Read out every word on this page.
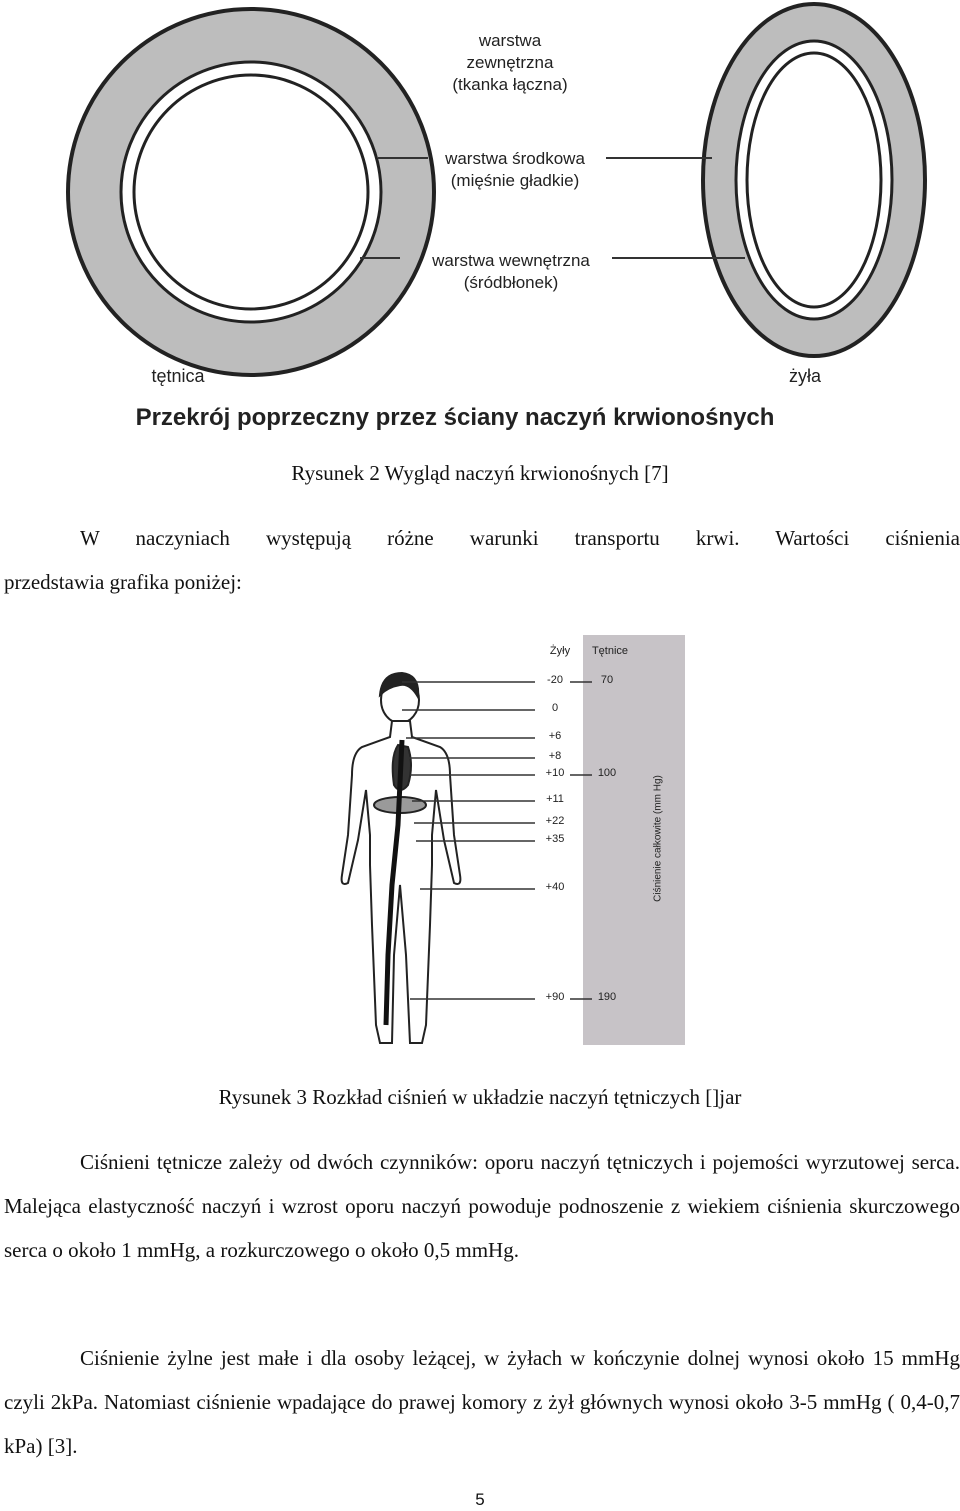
warstwa
zewnętrzna
(tkanka łączna)
warstwa środkowa
(mięśnie gładkie)
warstwa wewnętrzna
(śródbłonek)
tętnica	żyła
Przekrój poprzeczny przez ściany naczyń krwionośnych
Rysunek 2 Wygląd naczyń krwionośnych [7]
W naczyniach występują różne warunki transportu krwi. Wartości ciśnienia
przedstawia grafika poniżej:
Żyły	Tętnice
-20
0
+6
+8
+10
+11
+22
+35
+40
+90
70
100
190
Ciśnienie całkowite (mm Hg)
Rysunek 3 Rozkład ciśnień w układzie naczyń tętniczych []jar

Ciśnieni tętnicze zależy od dwóch czynników: oporu naczyń tętniczych i pojemości wyrzutowej serca. Malejąca elastyczność naczyń i wzrost oporu naczyń powoduje podnoszenie z wiekiem ciśnienia skurczowego serca o około 1 mmHg, a rozkurczowego o około 0,5 mmHg.

Ciśnienie żylne jest małe i dla osoby leżącej, w żyłach w kończynie dolnej wynosi około 15 mmHg czyli 2kPa. Natomiast ciśnienie wpadające do prawej komory z żył głównych wynosi około 3-5 mmHg ( 0,4-0,7 kPa) [3].

5
